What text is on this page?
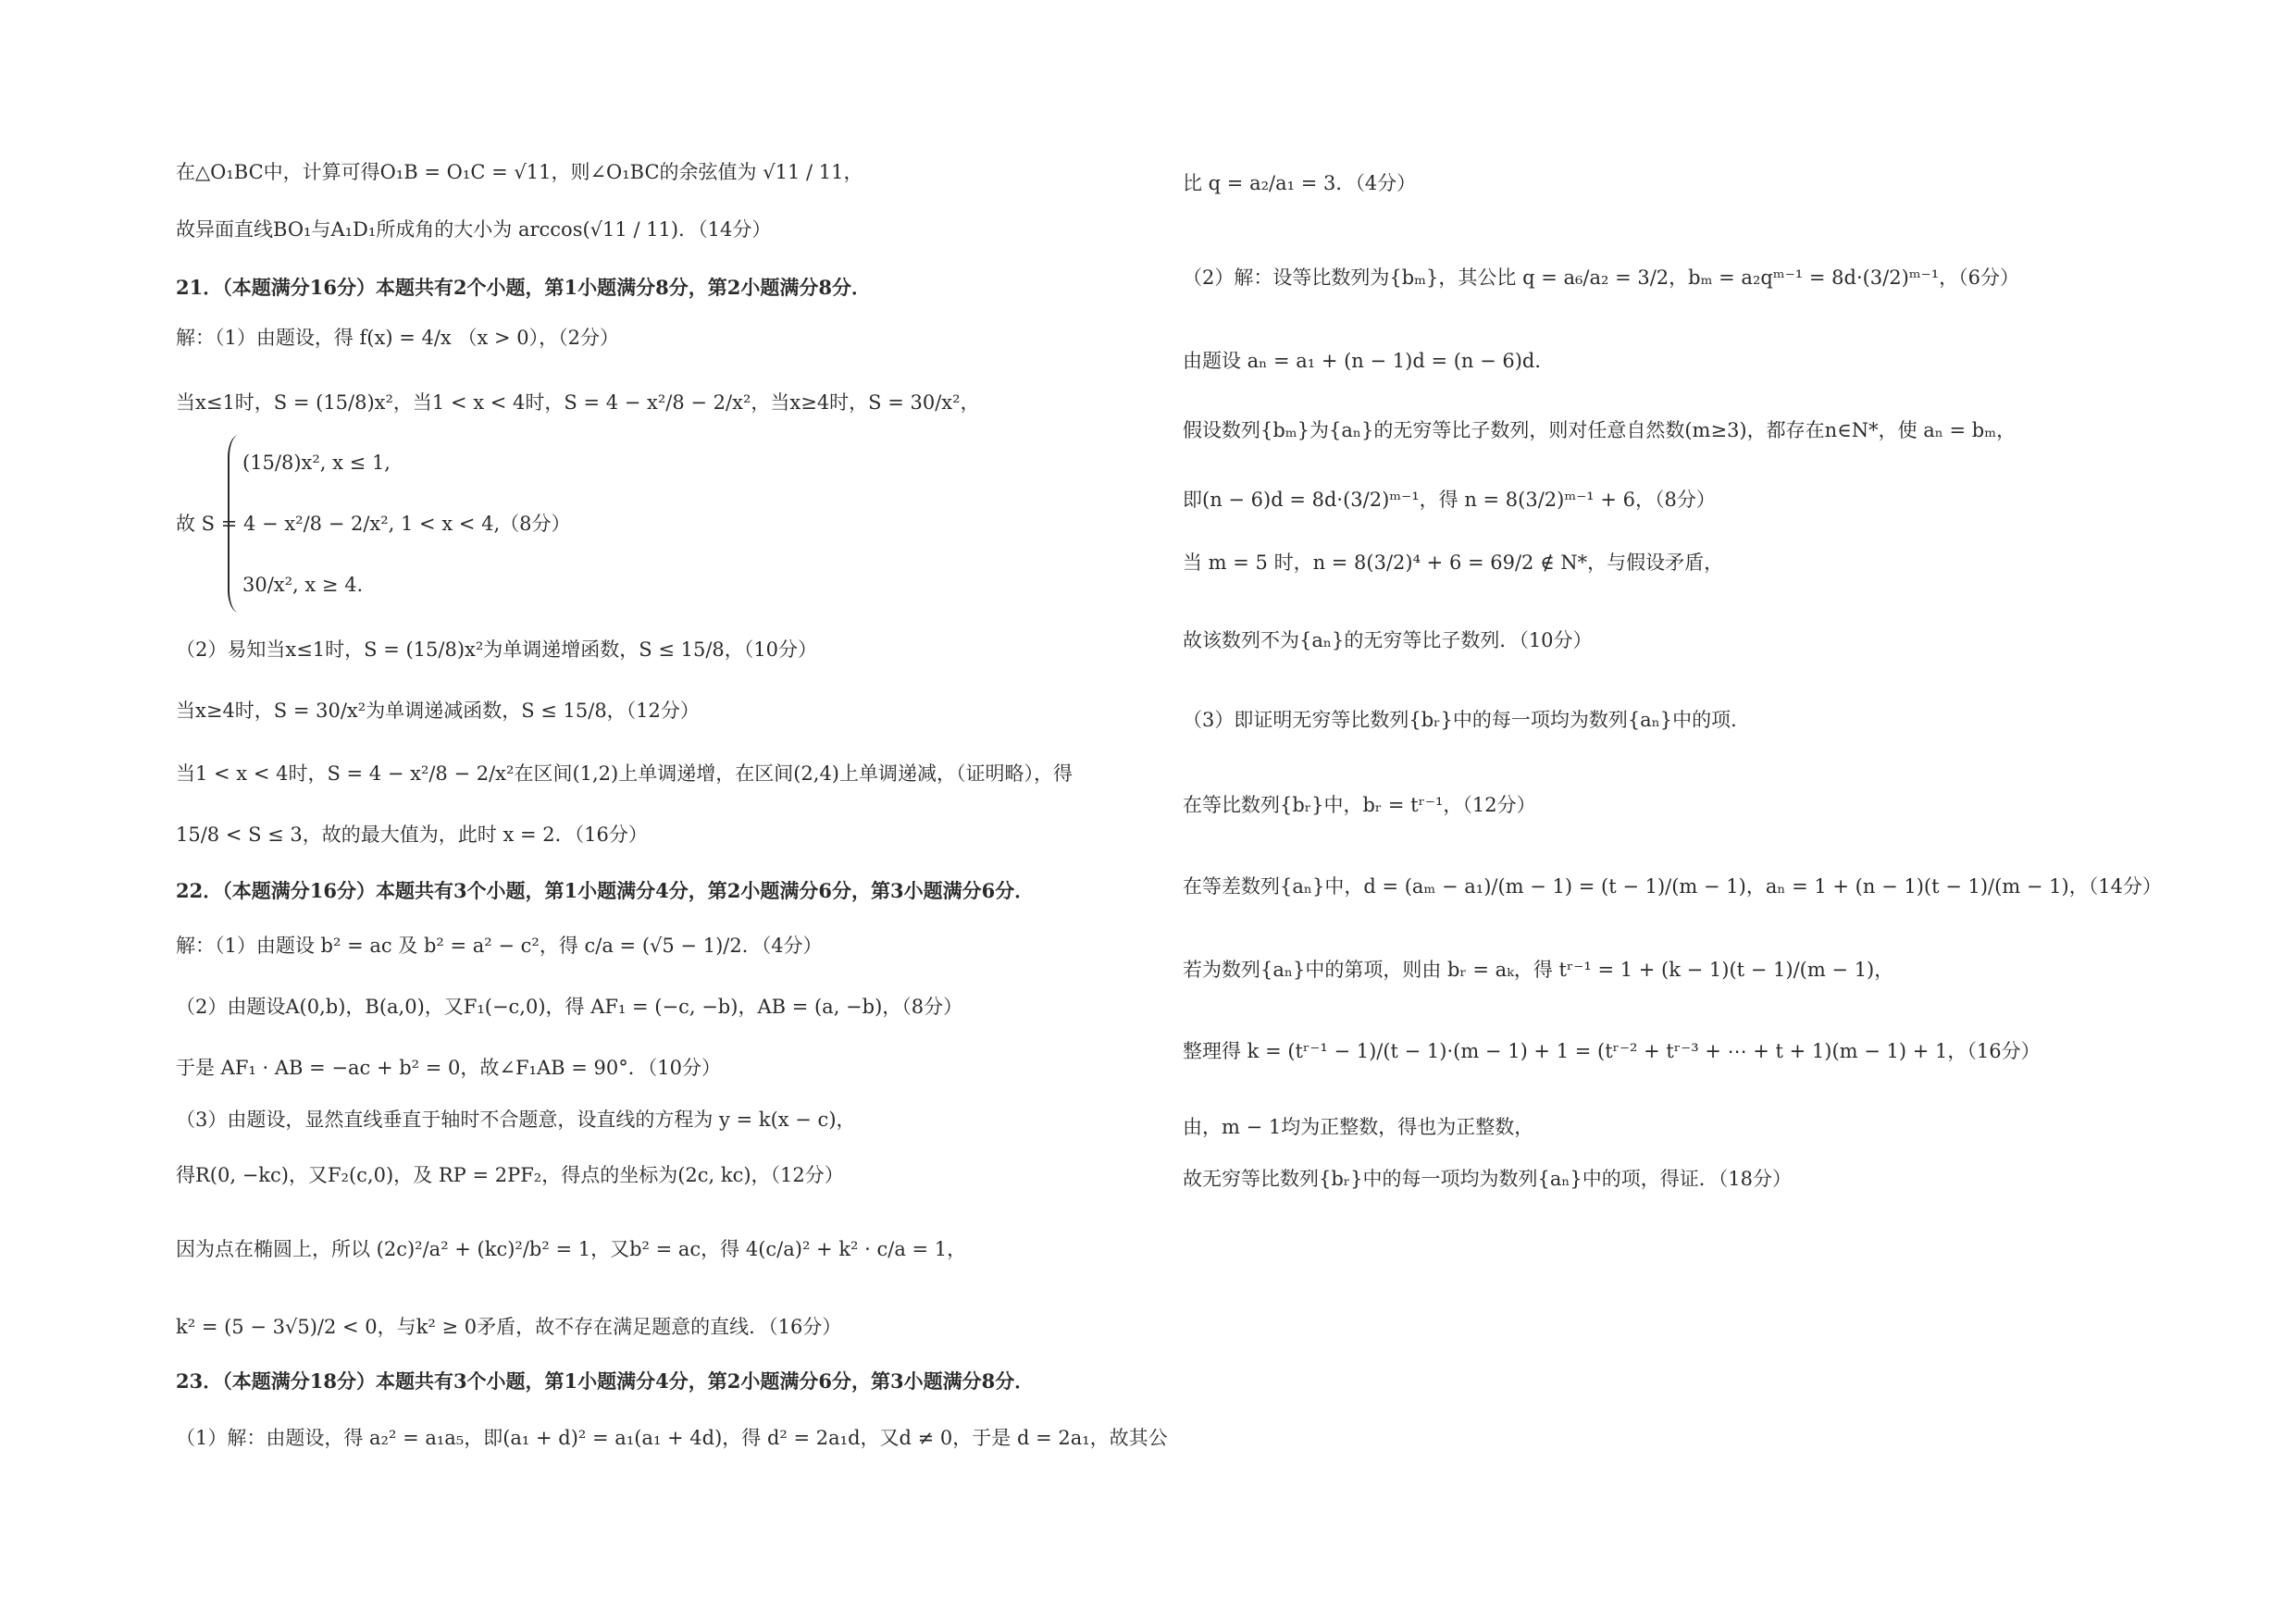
在△O₁BC中，计算可得O₁B = O₁C = √11，则∠O₁BC的余弦值为 √11 / 11，
故异面直线BO₁与A₁D₁所成角的大小为 arccos(√11 / 11)．（14分）
21．（本题满分16分）本题共有2个小题，第1小题满分8分，第2小题满分8分．
解：（1）由题设，得 f(x) = 4/x （x > 0），（2分）
当x≤1时，S = (15/8)x²，当1 < x < 4时，S = 4 − x²/8 − 2/x²，当x≥4时，S = 30/x²，
(15/8)x², x ≤ 1,
故 S = 4 − x²/8 − 2/x², 1 < x < 4,（8分）
30/x², x ≥ 4.
（2）易知当x≤1时，S = (15/8)x²为单调递增函数，S ≤ 15/8，（10分）
当x≥4时，S = 30/x²为单调递减函数，S ≤ 15/8，（12分）
当1 < x < 4时，S = 4 − x²/8 − 2/x²在区间(1,2)上单调递增，在区间(2,4)上单调递减，（证明略），得
15/8 < S ≤ 3，故的最大值为，此时 x = 2．（16分）
22．（本题满分16分）本题共有3个小题，第1小题满分4分，第2小题满分6分，第3小题满分6分．
解：（1）由题设 b² = ac 及 b² = a² − c²，得 c/a = (√5 − 1)/2．（4分）
（2）由题设A(0,b)，B(a,0)，又F₁(−c,0)，得 AF₁ = (−c, −b)，AB = (a, −b)，（8分）
于是 AF₁ · AB = −ac + b² = 0，故∠F₁AB = 90°．（10分）
（3）由题设，显然直线垂直于轴时不合题意，设直线的方程为 y = k(x − c)，
得R(0, −kc)，又F₂(c,0)，及 RP = 2PF₂，得点的坐标为(2c, kc)，（12分）
因为点在椭圆上，所以 (2c)²/a² + (kc)²/b² = 1，又b² = ac，得 4(c/a)² + k² · c/a = 1，
k² = (5 − 3√5)/2 < 0，与k² ≥ 0矛盾，故不存在满足题意的直线．（16分）
23．（本题满分18分）本题共有3个小题，第1小题满分4分，第2小题满分6分，第3小题满分8分．
（1）解：由题设，得 a₂² = a₁a₅，即(a₁ + d)² = a₁(a₁ + 4d)，得 d² = 2a₁d，又d ≠ 0，于是 d = 2a₁，故其公
比 q = a₂/a₁ = 3．（4分）
（2）解：设等比数列为{bₘ}，其公比 q = a₆/a₂ = 3/2，bₘ = a₂qᵐ⁻¹ = 8d·(3/2)ᵐ⁻¹，（6分）
由题设 aₙ = a₁ + (n − 1)d = (n − 6)d．
假设数列{bₘ}为{aₙ}的无穷等比子数列，则对任意自然数(m≥3)，都存在n∈N*，使 aₙ = bₘ，
即(n − 6)d = 8d·(3/2)ᵐ⁻¹，得 n = 8(3/2)ᵐ⁻¹ + 6，（8分）
当 m = 5 时，n = 8(3/2)⁴ + 6 = 69/2 ∉ N*，与假设矛盾，
故该数列不为{aₙ}的无穷等比子数列．（10分）
（3）即证明无穷等比数列{bᵣ}中的每一项均为数列{aₙ}中的项．
在等比数列{bᵣ}中，bᵣ = tʳ⁻¹，（12分）
在等差数列{aₙ}中，d = (aₘ − a₁)/(m − 1) = (t − 1)/(m − 1)，aₙ = 1 + (n − 1)(t − 1)/(m − 1)，（14分）
若为数列{aₙ}中的第项，则由 bᵣ = aₖ，得 tʳ⁻¹ = 1 + (k − 1)(t − 1)/(m − 1)，
整理得 k = (tʳ⁻¹ − 1)/(t − 1)·(m − 1) + 1 = (tʳ⁻² + tʳ⁻³ + ⋯ + t + 1)(m − 1) + 1，（16分）
由，m − 1均为正整数，得也为正整数，
故无穷等比数列{bᵣ}中的每一项均为数列{aₙ}中的项，得证．（18分）
